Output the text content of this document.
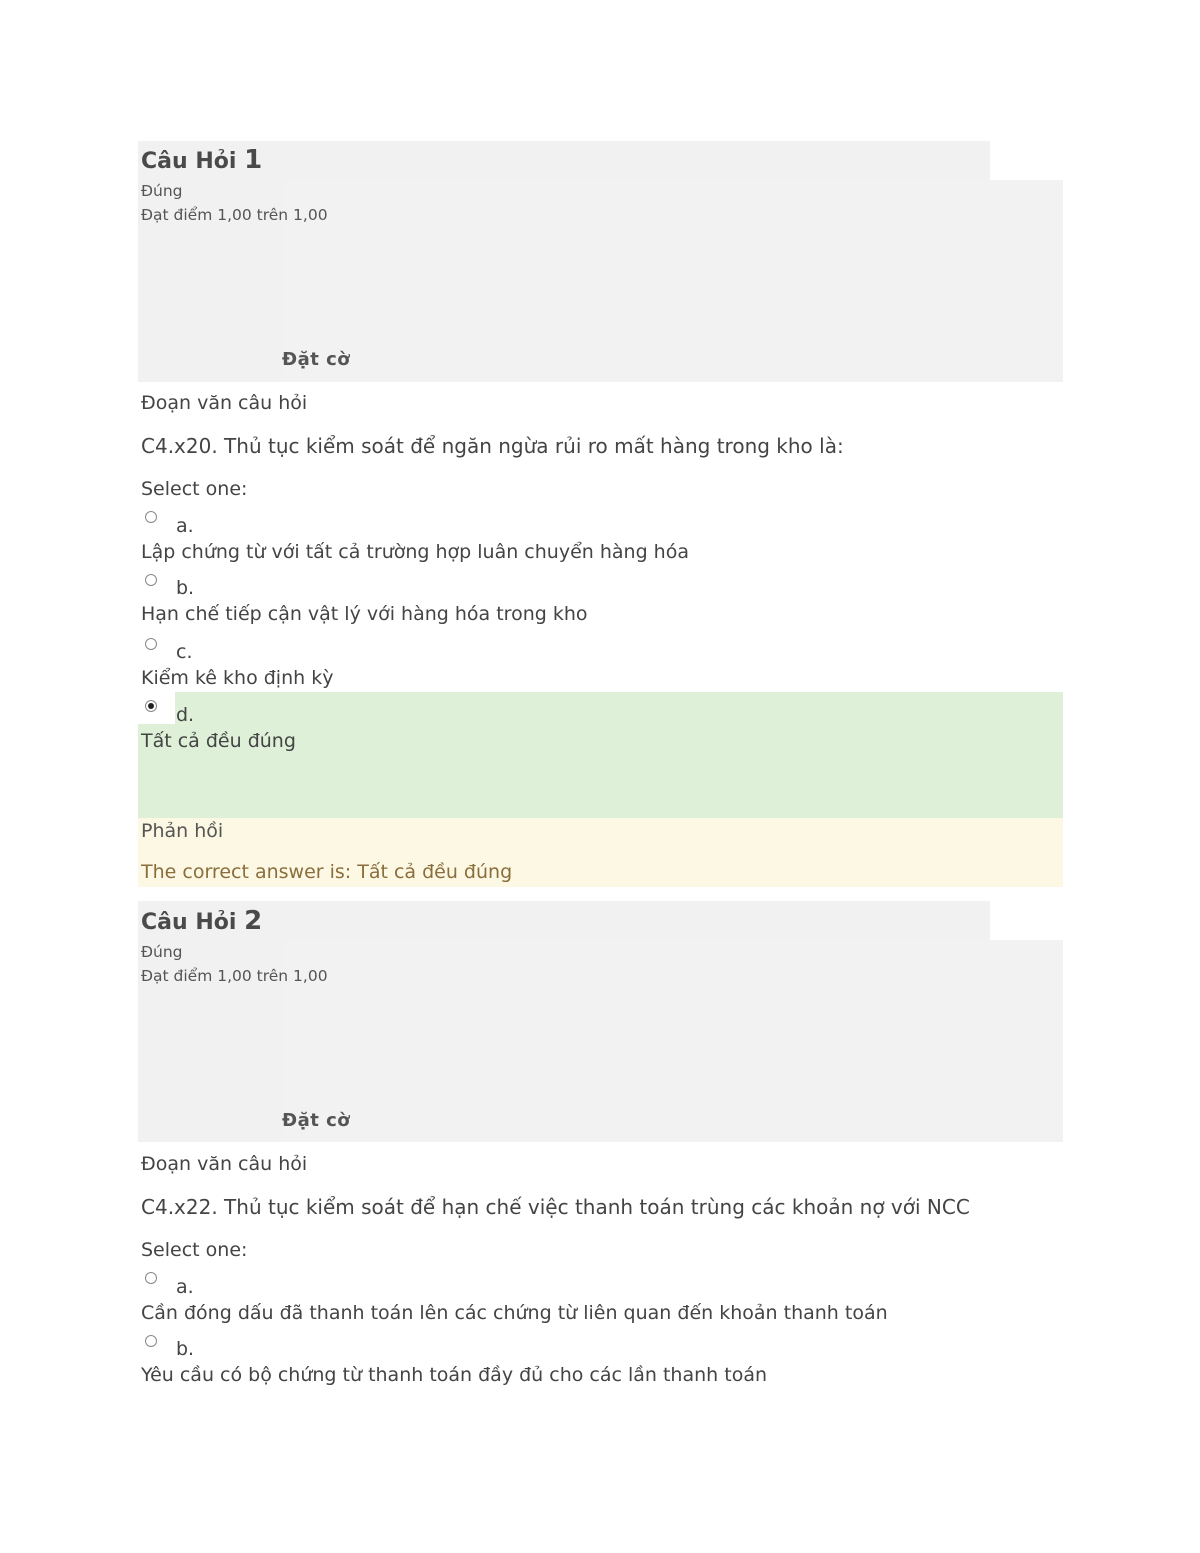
Câu Hỏi 1
Đúng
Đạt điểm 1,00 trên 1,00
Đặt cờ
Đoạn văn câu hỏi
C4.x20. Thủ tục kiểm soát để ngăn ngừa rủi ro mất hàng trong kho là:
Select one:
a.
Lập chứng từ với tất cả trường hợp luân chuyển hàng hóa
b.
Hạn chế tiếp cận vật lý với hàng hóa trong kho
c.
Kiểm kê kho định kỳ
d.
Tất cả đều đúng
Phản hồi
The correct answer is: Tất cả đều đúng
Câu Hỏi 2
Đúng
Đạt điểm 1,00 trên 1,00
Đặt cờ
Đoạn văn câu hỏi
C4.x22. Thủ tục kiểm soát để hạn chế việc thanh toán trùng các khoản nợ với NCC
Select one:
a.
Cần đóng dấu đã thanh toán lên các chứng từ liên quan đến khoản thanh toán
b.
Yêu cầu có bộ chứng từ thanh toán đầy đủ cho các lần thanh toán
